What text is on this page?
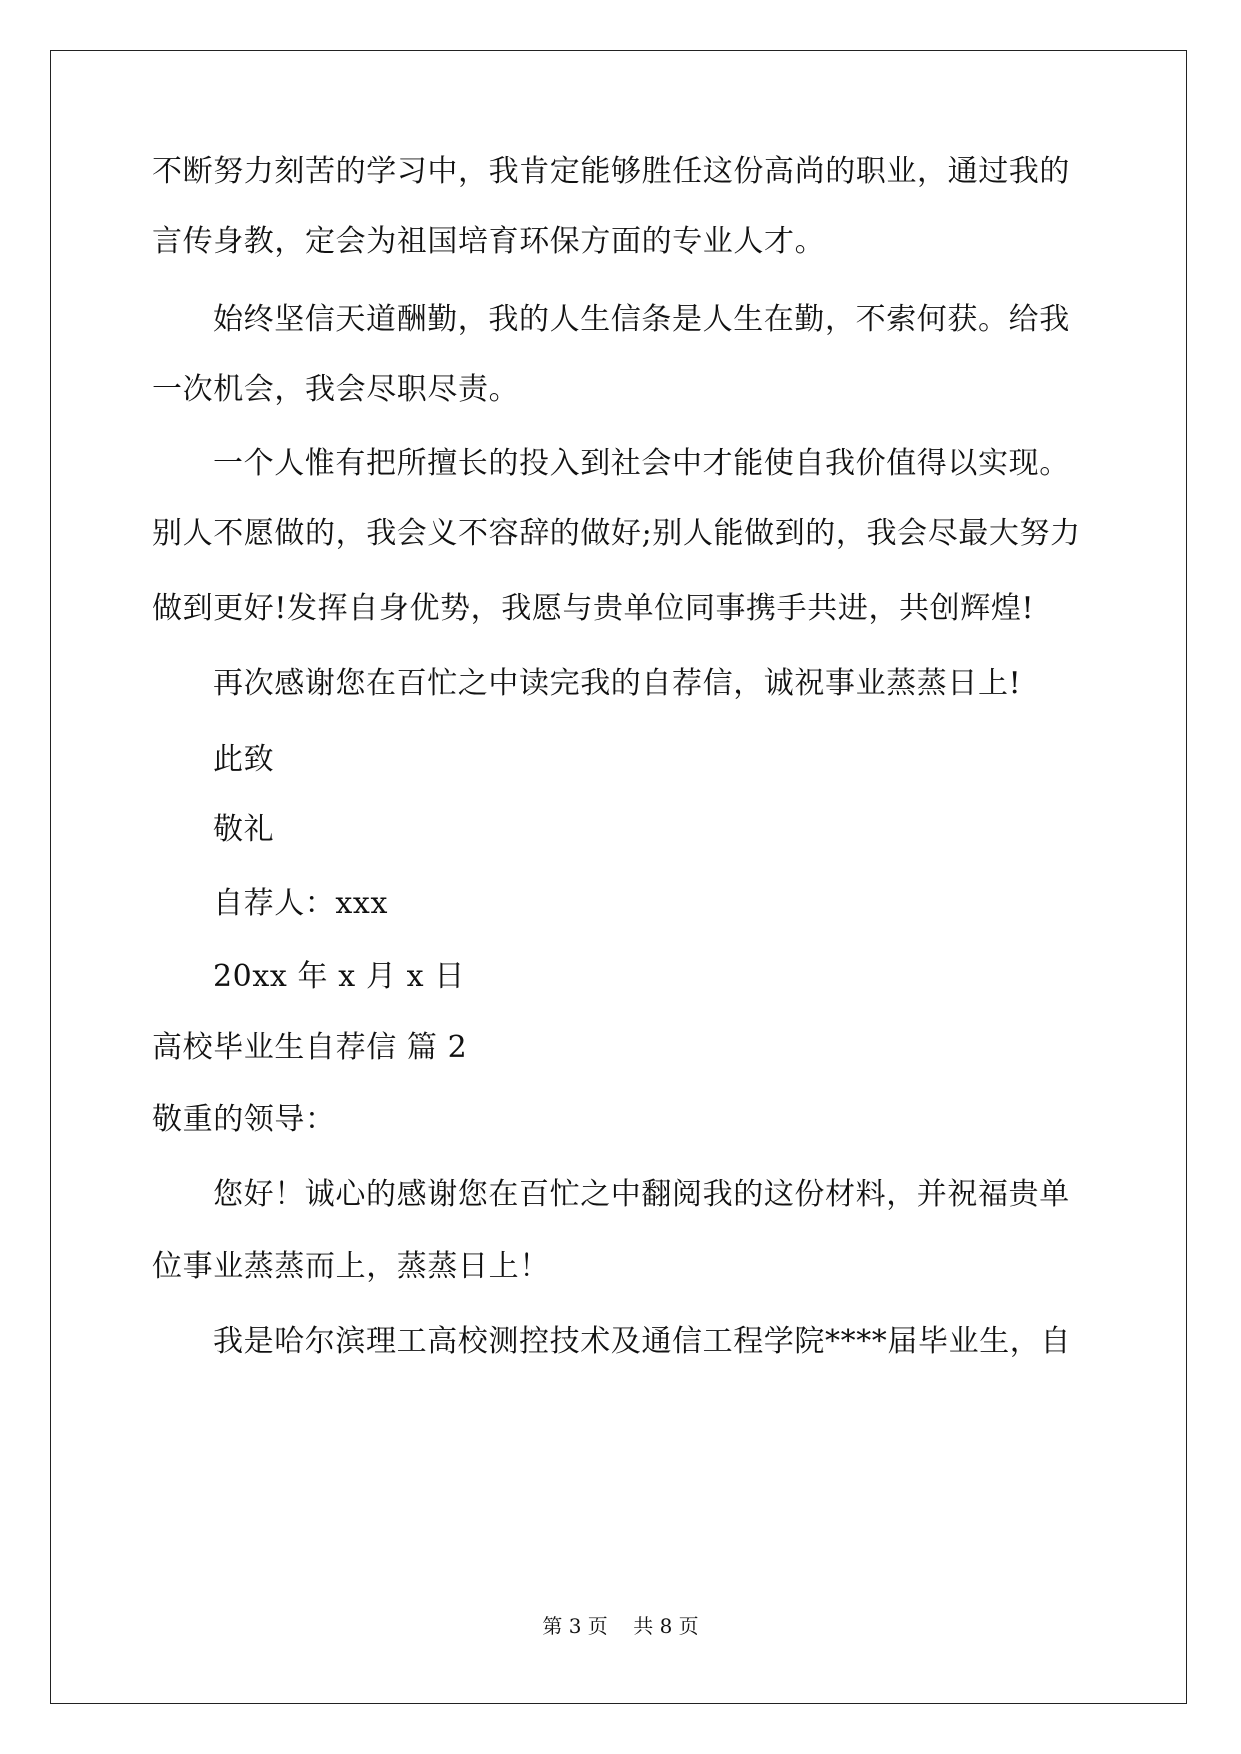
不断努力刻苦的学习中，我肯定能够胜任这份高尚的职业，通过我的
言传身教，定会为祖国培育环保方面的专业人才。
始终坚信天道酬勤，我的人生信条是人生在勤，不索何获。给我
一次机会，我会尽职尽责。
一个人惟有把所擅长的投入到社会中才能使自我价值得以实现。
别人不愿做的，我会义不容辞的做好;别人能做到的，我会尽最大努力
做到更好!发挥自身优势，我愿与贵单位同事携手共进，共创辉煌!
再次感谢您在百忙之中读完我的自荐信，诚祝事业蒸蒸日上!
此致
敬礼
自荐人：xxx
20xx 年 x 月 x 日
高校毕业生自荐信 篇 2
敬重的领导：
您好！诚心的感谢您在百忙之中翻阅我的这份材料，并祝福贵单
位事业蒸蒸而上，蒸蒸日上！
我是哈尔滨理工高校测控技术及通信工程学院****届毕业生，自
第 3 页    共 8 页
